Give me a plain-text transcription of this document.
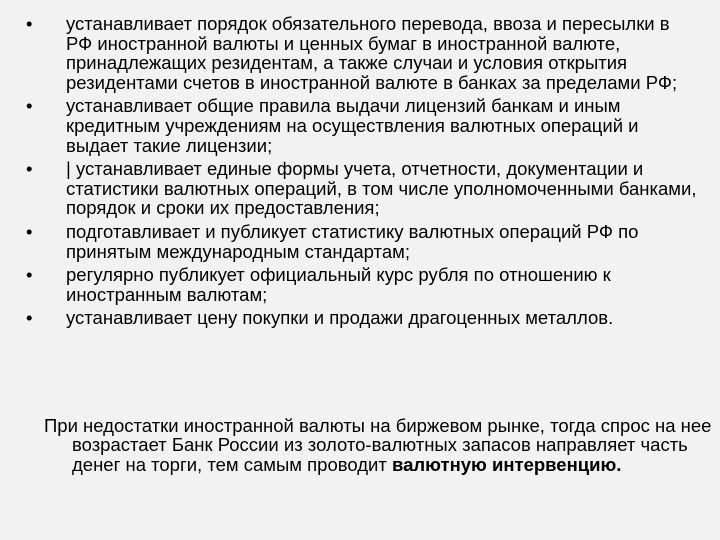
•	устанавливает порядок обязательного перевода, ввоза и пересылки в РФ иностранной валюты и ценных бумаг в иностранной валюте, принадлежащих резидентам, а также случаи и условия открытия резидентами счетов в иностранной валюте в банках за пределами РФ;
•	устанавливает общие правила выдачи лицензий банкам и иным кредитным учреждениям на осуществления валютных операций и выдает такие лицензии;
•	| устанавливает единые формы учета, отчетности, документации и статистики валютных операций, в том числе уполномоченными банками, порядок и сроки их предоставления;
•	подготавливает и публикует статистику валютных операций РФ по принятым международным стандартам;
•	регулярно публикует официальный курс рубля по отношению к иностранным валютам;
•	устанавливает цену покупки и продажи драгоценных металлов.

При недостатки иностранной валюты на биржевом рынке, тогда спрос на нее возрастает Банк России из золото-валютных запасов направляет часть денег на торги, тем самым проводит валютную интервенцию.
